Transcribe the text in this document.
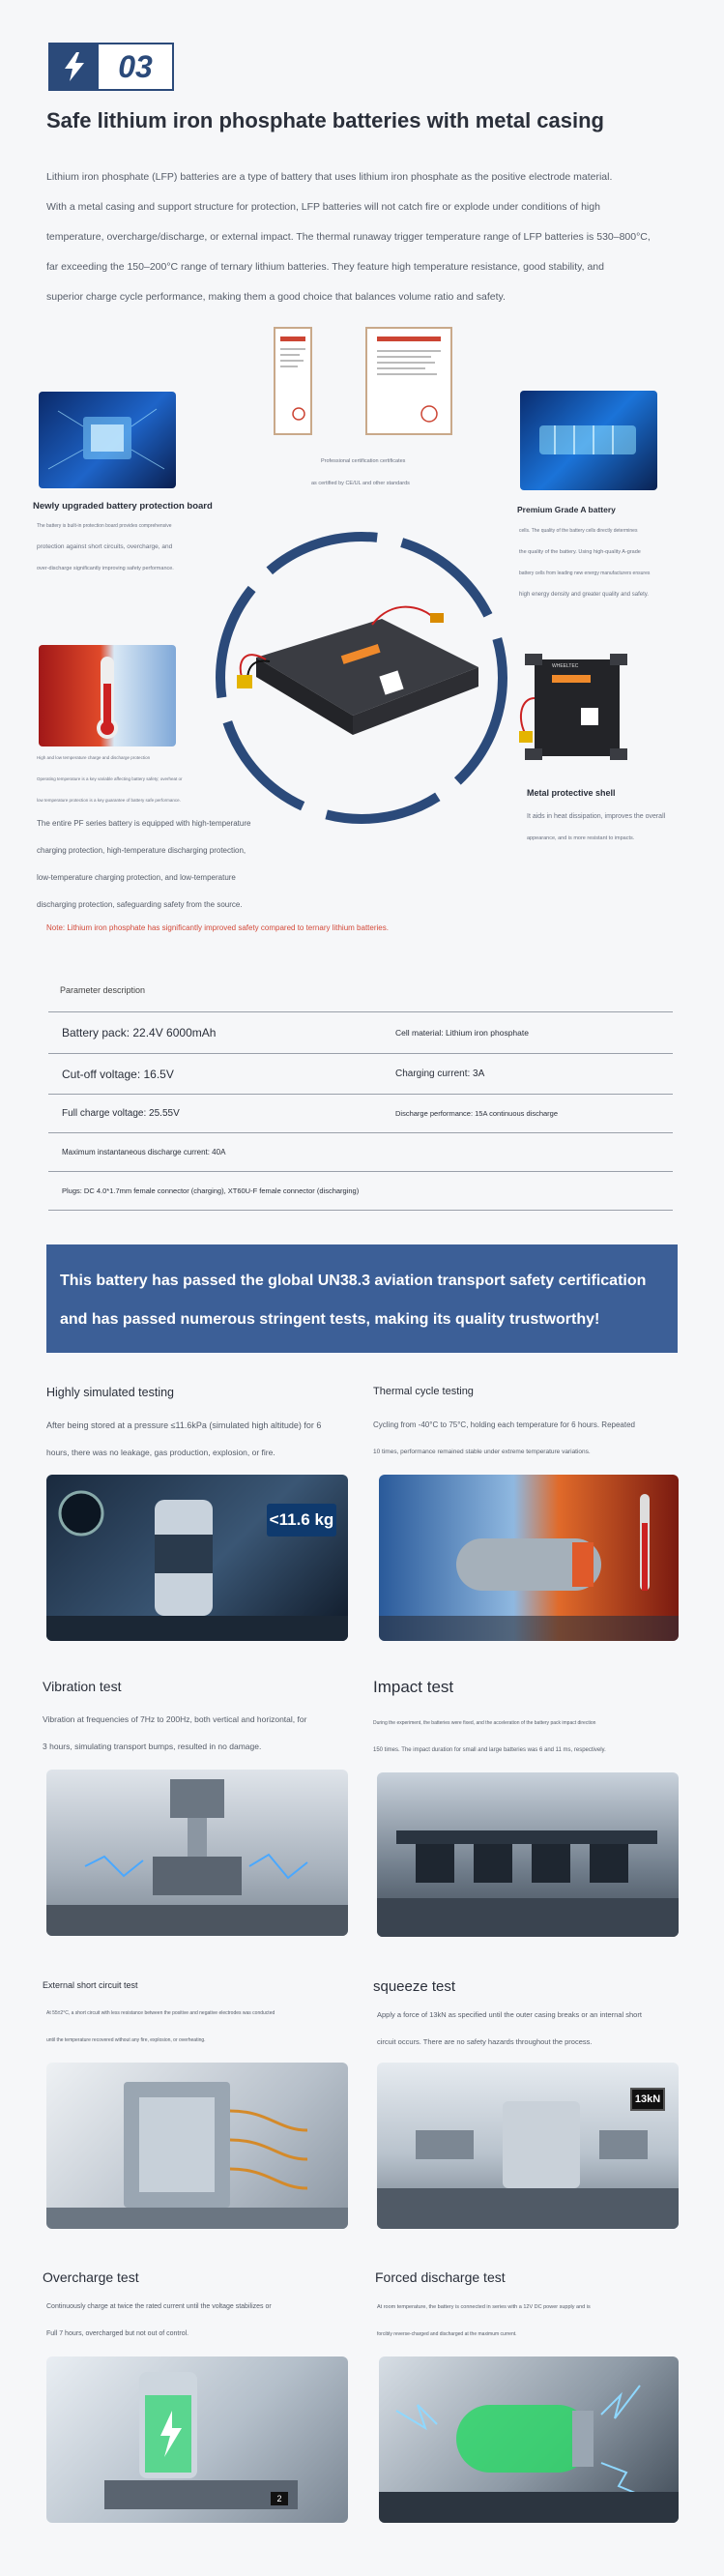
03
Safe lithium iron phosphate batteries with metal casing
Lithium iron phosphate (LFP) batteries are a type of battery that uses lithium iron phosphate as the positive electrode material.
With a metal casing and support structure for protection, LFP batteries will not catch fire or explode under conditions of high
temperature, overcharge/discharge, or external impact. The thermal runaway trigger temperature range of LFP batteries is 530–800°C,
far exceeding the 150–200°C range of ternary lithium batteries. They feature high temperature resistance, good stability, and
superior charge cycle performance, making them a good choice that balances volume ratio and safety.
Professional certification certificates
as certified by CE/UL and other standards
Newly upgraded battery protection board
The battery is built-in protection board provides comprehensive
protection against short circuits, overcharge, and
over-discharge significantly improving safety performance.
Premium Grade A battery
cells. The quality of the battery cells directly determines
the quality of the battery. Using high-quality A-grade
battery cells from leading new energy manufacturers ensures
high energy density and greater quality and safety.
High and low temperature charge and discharge protection
Operating temperature is a key variable affecting battery safety; overheat or
low temperature protection is a key guarantee of battery safe performance.
The entire PF series battery is equipped with high-temperature
charging protection, high-temperature discharging protection,
low-temperature charging protection, and low-temperature
discharging protection, safeguarding safety from the source.
WHEELTEC
Metal protective shell
It aids in heat dissipation, improves the overall
appearance, and is more resistant to impacts.
Note: Lithium iron phosphate has significantly improved safety compared to ternary lithium batteries.
Parameter description
Battery pack: 22.4V 6000mAh	Cell material: Lithium iron phosphate
Cut-off voltage: 16.5V	Charging current: 3A
Full charge voltage: 25.55V	Discharge performance: 15A continuous discharge
Maximum instantaneous discharge current: 40A
Plugs: DC 4.0*1.7mm female connector (charging), XT60U-F female connector (discharging)

This battery has passed the global UN38.3 aviation transport safety certification

and has passed numerous stringent tests, making its quality trustworthy!

Highly simulated testing
After being stored at a pressure ≤11.6kPa (simulated high altitude) for 6
hours, there was no leakage, gas production, explosion, or fire.
<11.6 kg
Thermal cycle testing
Cycling from -40°C to 75°C, holding each temperature for 6 hours. Repeated
10 times, performance remained stable under extreme temperature variations.
Vibration test
Vibration at frequencies of 7Hz to 200Hz, both vertical and horizontal, for
3 hours, simulating transport bumps, resulted in no damage.
Impact test
During the experiment, the batteries were fixed, and the acceleration of the battery pack impact direction
150 times. The impact duration for small and large batteries was 6 and 11 ms, respectively.
External short circuit test
At 55±2°C, a short circuit with less resistance between the positive and negative electrodes was conducted
until the temperature recovered without any fire, explosion, or overheating.
squeeze test
Apply a force of 13kN as specified until the outer casing breaks or an internal short
circuit occurs. There are no safety hazards throughout the process.
13kN
Overcharge test
Continuously charge at twice the rated current until the voltage stabilizes or
Full 7 hours, overcharged but not out of control.
2
Forced discharge test
At room temperature, the battery is connected in series with a 12V DC power supply and is
forcibly reverse-charged and discharged at the maximum current.
